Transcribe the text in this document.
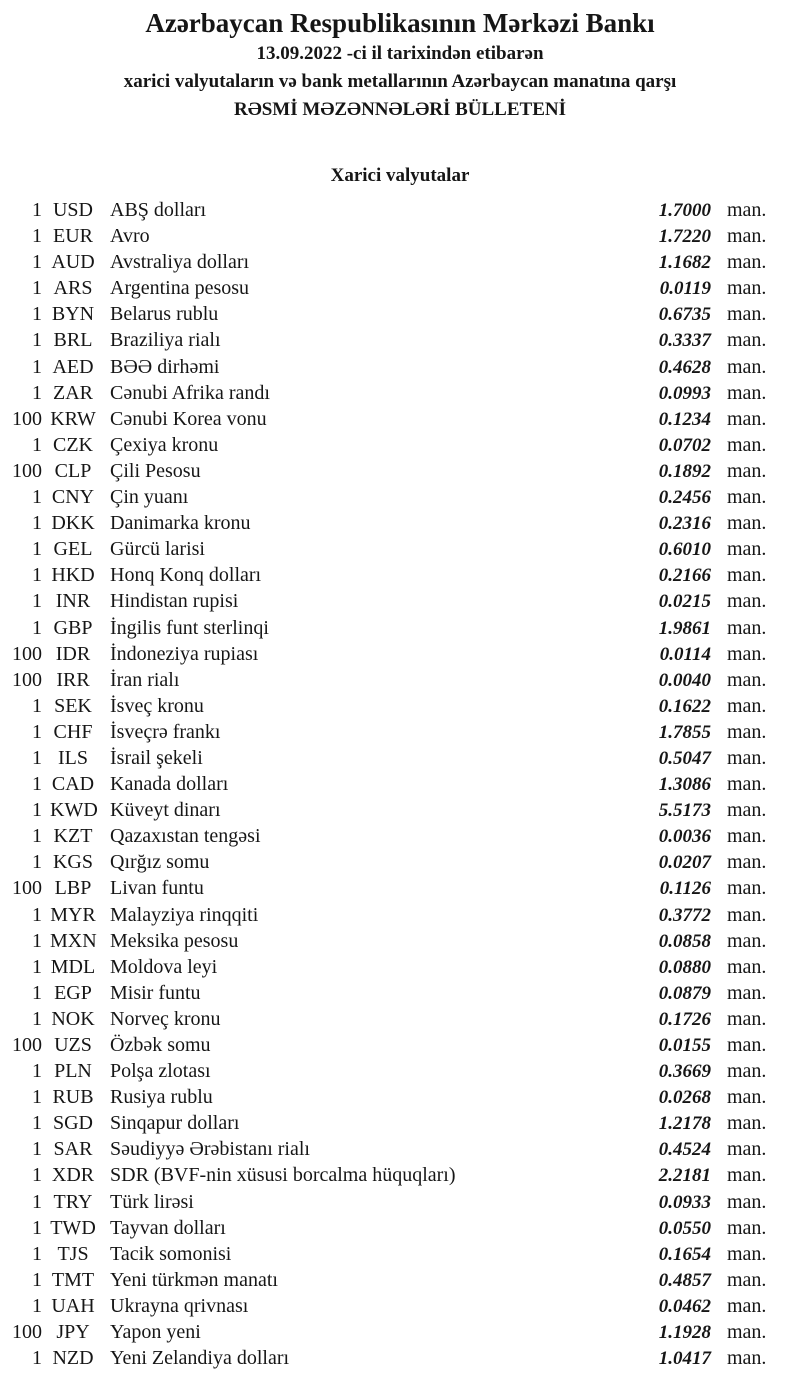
Azərbaycan Respublikasının Mərkəzi Bankı
13.09.2022 -ci il tarixindən etibarən
xarici valyutaların və bank metallarının Azərbaycan manatına qarşı
RƏSMİ MƏZƏNNƏLƏRİ BÜLLETENİ
Xarici valyutalar
1 USD ABŞ dolları	1.7000 man.
1 EUR Avro	1.7220 man.
1 AUD Avstraliya dolları	1.1682 man.
1 ARS Argentina pesosu	0.0119 man.
1 BYN Belarus rublu	0.6735 man.
1 BRL Braziliya rialı	0.3337 man.
1 AED BƏƏ dirhəmi	0.4628 man.
1 ZAR Cənubi Afrika randı	0.0993 man.
100 KRW Cənubi Korea vonu	0.1234 man.
1 CZK Çexiya kronu	0.0702 man.
100 CLP Çili Pesosu	0.1892 man.
1 CNY Çin yuanı	0.2456 man.
1 DKK Danimarka kronu	0.2316 man.
1 GEL Gürcü larisi	0.6010 man.
1 HKD Honq Konq dolları	0.2166 man.
1 INR Hindistan rupisi	0.0215 man.
1 GBP İngilis funt sterlinqi	1.9861 man.
100 IDR İndoneziya rupiası	0.0114 man.
100 IRR	İran rialı	0.0040 man.
1 SEK İsveç kronu	0.1622 man.
1 CHF İsveçrə frankı	1.7855 man.
1 ILS	İsrail şekeli	0.5047 man.
1 CAD Kanada dolları	1.3086 man.
1 KWD Küveyt dinarı	5.5173 man.
1 KZT Qazaxıstan tengəsi	0.0036 man.
1 KGS Qırğız somu	0.0207 man.
100 LBP Livan funtu	0.1126 man.
1 MYR Malayziya rinqqiti	0.3772 man.
1 MXN Meksika pesosu	0.0858 man.
1 MDL Moldova leyi	0.0880 man.
1 EGP Misir funtu	0.0879 man.
1 NOK Norveç kronu	0.1726 man.
100 UZS Özbək somu	0.0155 man.
1 PLN Polşa zlotası	0.3669 man.
1 RUB Rusiya rublu	0.0268 man.
1 SGD Sinqapur dolları	1.2178 man.
1 SAR Səudiyyə Ərəbistanı rialı	0.4524 man.
1 XDR SDR (BVF-nin xüsusi borcalma hüquqları)	2.2181 man.
1 TRY Türk lirəsi	0.0933 man.
1 TWD Tayvan dolları	0.0550 man.
1 TJS	Tacik somonisi	0.1654 man.
1 TMT Yeni türkmən manatı	0.4857 man.
1 UAH Ukrayna qrivnası	0.0462 man.
100 JPY	Yapon yeni	1.1928 man.
1 NZD Yeni Zelandiya dolları	1.0417 man.
